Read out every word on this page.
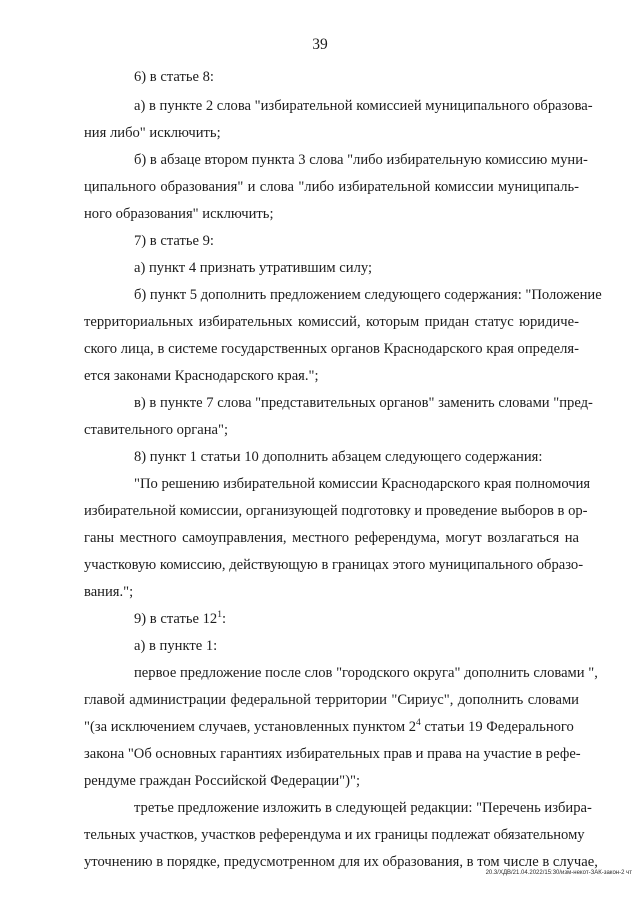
39
6) в статье 8:
а) в пункте 2 слова "избирательной комиссией муниципального образова-
ния либо" исключить;
б) в абзаце втором пункта 3 слова "либо избирательную комиссию муни-
ципального образования" и слова "либо избирательной комиссии муниципаль-
ного образования" исключить;
7) в статье 9:
а) пункт 4 признать утратившим силу;
б) пункт 5 дополнить предложением следующего содержания: "Положение
территориальных избирательных комиссий, которым придан статус юридиче-
ского лица, в системе государственных органов Краснодарского края определя-
ется законами Краснодарского края.";
в) в пункте 7 слова "представительных органов" заменить словами "пред-
ставительного органа";
8) пункт 1 статьи 10 дополнить абзацем следующего содержания:
"По решению избирательной комиссии Краснодарского края полномочия
избирательной комиссии, организующей подготовку и проведение выборов в ор-
ганы местного самоуправления, местного референдума, могут возлагаться на
участковую комиссию, действующую в границах этого муниципального образо-
вания.";
9) в статье $12^1$:
а) в пункте 1:
первое предложение после слов "городского округа" дополнить словами ",
главой администрации федеральной территории "Сириус", дополнить словами
"(за исключением случаев, установленных пунктом $2^4$ статьи 19 Федерального
закона "Об основных гарантиях избирательных прав и права на участие в рефе-
рендуме граждан Российской Федерации")";
третье предложение изложить в следующей редакции: "Перечень избира-
тельных участков, участков референдума и их границы подлежат обязательному
уточнению в порядке, предусмотренном для их образования, в том числе в случае,
20.3/XДB/21.04.2022/15:30/изм-некот-ЗАК-закон-2 чт
